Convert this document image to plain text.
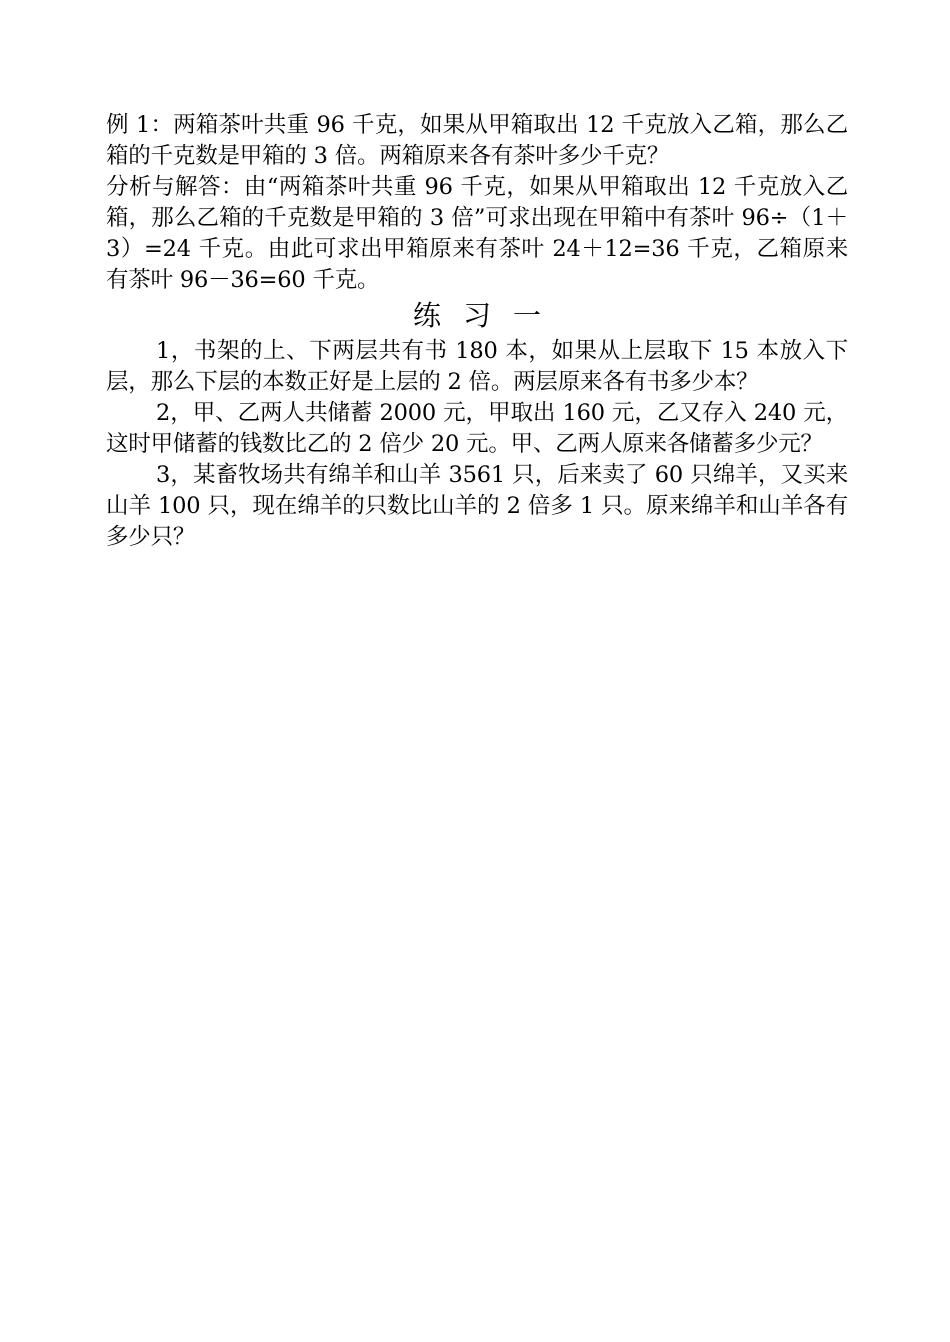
例 1：两箱茶叶共重 96 千克，如果从甲箱取出 12 千克放入乙箱，那么乙箱的千克数是甲箱的 3 倍。两箱原来各有茶叶多少千克？

分析与解答：由“两箱茶叶共重 96 千克，如果从甲箱取出 12 千克放入乙箱，那么乙箱的千克数是甲箱的 3 倍”可求出现在甲箱中有茶叶 96÷（1＋3）=24 千克。由此可求出甲箱原来有茶叶 24＋12=36 千克，乙箱原来有茶叶 96－36=60 千克。

练习一

1，书架的上、下两层共有书 180 本，如果从上层取下 15 本放入下层，那么下层的本数正好是上层的 2 倍。两层原来各有书多少本？

2，甲、乙两人共储蓄 2000 元，甲取出 160 元，乙又存入 240 元，这时甲储蓄的钱数比乙的 2 倍少 20 元。甲、乙两人原来各储蓄多少元？

3，某畜牧场共有绵羊和山羊 3561 只，后来卖了 60 只绵羊，又买来山羊 100 只，现在绵羊的只数比山羊的 2 倍多 1 只。原来绵羊和山羊各有多少只？
